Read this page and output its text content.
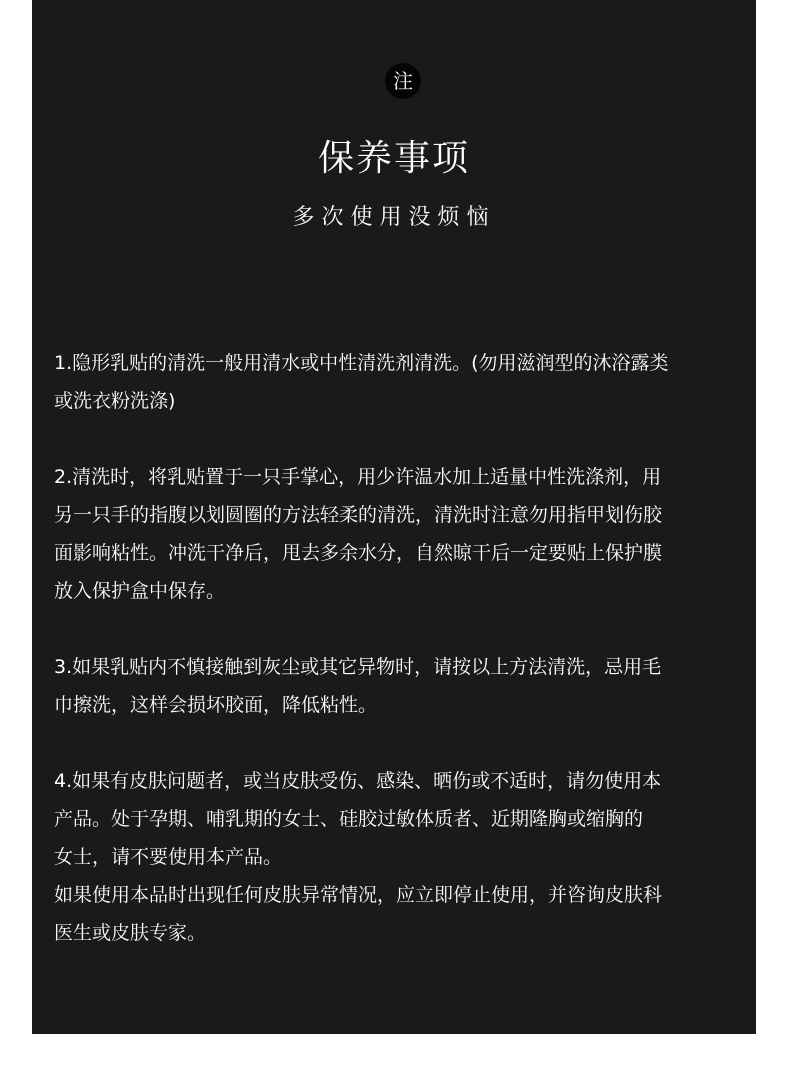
注
保养事项
多次使用没烦恼
1.隐形乳贴的清洗一般用清水或中性清洗剂清洗。(勿用滋润型的沐浴露类
或洗衣粉洗涤)
2.清洗时，将乳贴置于一只手掌心，用少许温水加上适量中性洗涤剂，用
另一只手的指腹以划圆圈的方法轻柔的清洗，清洗时注意勿用指甲划伤胶
面影响粘性。冲洗干净后，甩去多余水分，自然晾干后一定要贴上保护膜
放入保护盒中保存。
3.如果乳贴内不慎接触到灰尘或其它异物时，请按以上方法清洗，忌用毛
巾擦洗，这样会损坏胶面，降低粘性。
4.如果有皮肤问题者，或当皮肤受伤、感染、晒伤或不适时，请勿使用本
产品。处于孕期、哺乳期的女士、硅胶过敏体质者、近期隆胸或缩胸的
女士，请不要使用本产品。
如果使用本品时出现任何皮肤异常情况，应立即停止使用，并咨询皮肤科
医生或皮肤专家。
